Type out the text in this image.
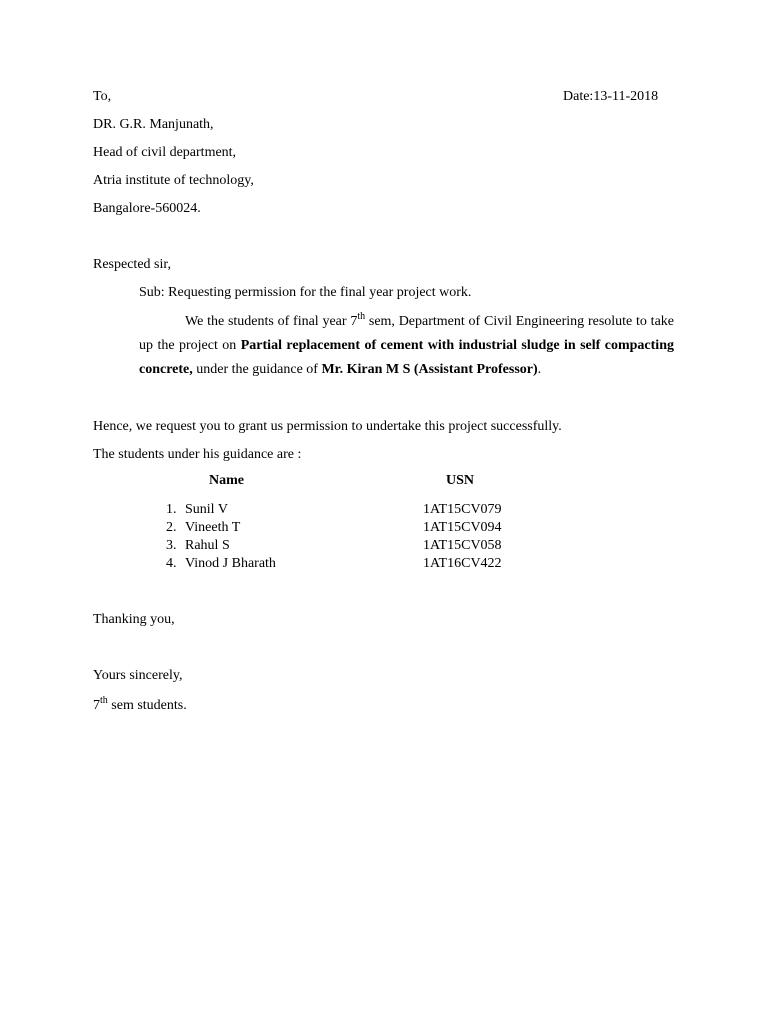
To,	Date:13-11-2018
DR. G.R. Manjunath,
Head of civil department,
Atria institute of technology,
Bangalore-560024.
Respected sir,
Sub: Requesting permission for the final year project work.

We the students of final year 7th sem, Department of Civil Engineering resolute to take up the project on Partial replacement of cement with industrial sludge in self compacting concrete, under the guidance of Mr. Kiran M S (Assistant Professor).

Hence, we request you to grant us permission to undertake this project successfully.
The students under his guidance are :
Name	USN
1. Sunil V	1AT15CV079
2. Vineeth T	1AT15CV094
3. Rahul S	1AT15CV058
4. Vinod J Bharath	1AT16CV422
Thanking you,
Yours sincerely,
7th sem students.
